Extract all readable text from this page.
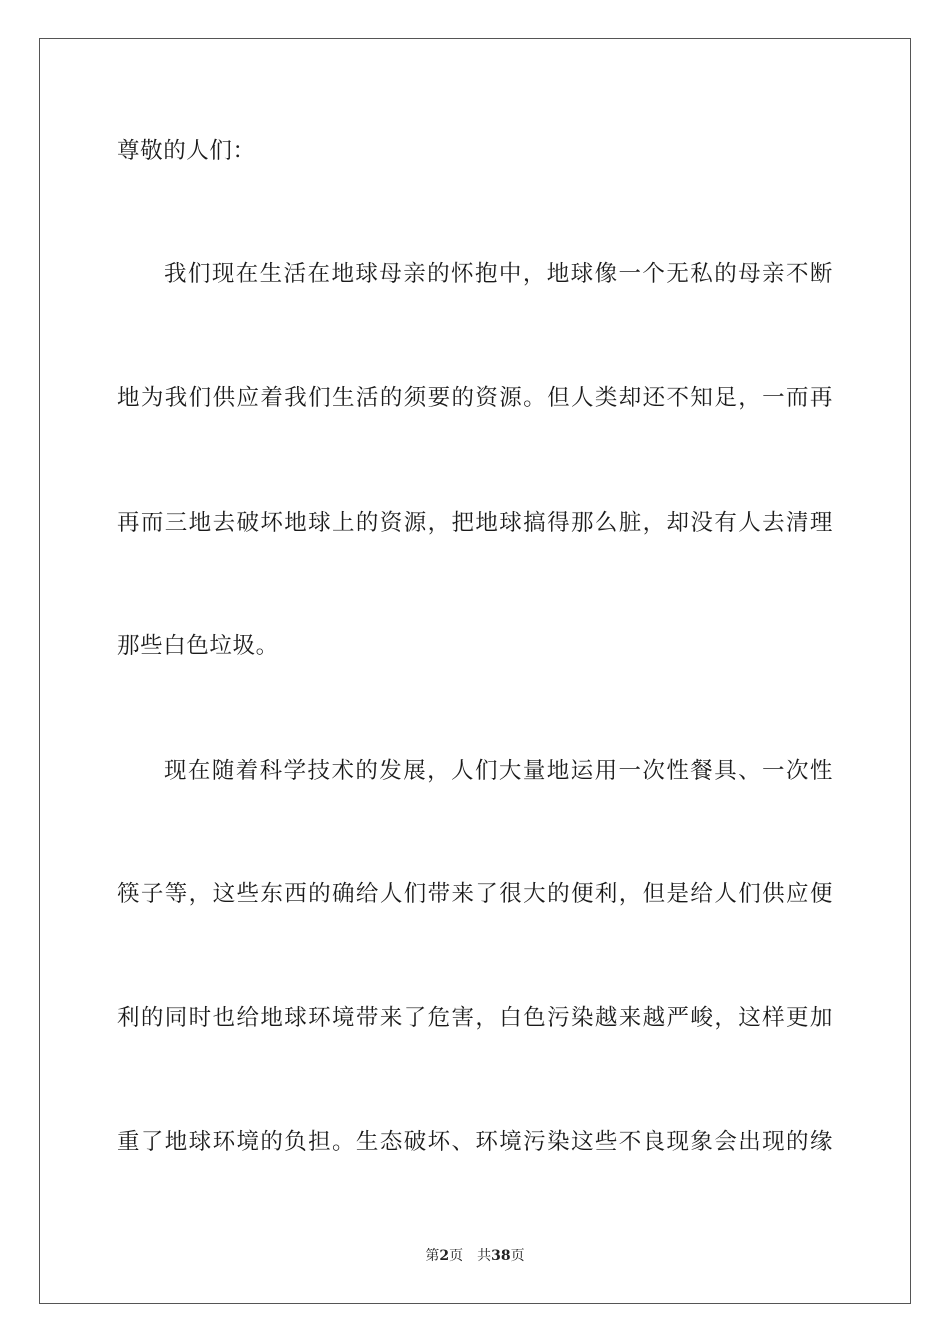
尊敬的人们：
我们现在生活在地球母亲的怀抱中，地球像一个无私的母亲不断
地为我们供应着我们生活的须要的资源。但人类却还不知足，一而再
再而三地去破坏地球上的资源，把地球搞得那么脏，却没有人去清理
那些白色垃圾。
现在随着科学技术的发展，人们大量地运用一次性餐具、一次性
筷子等，这些东西的确给人们带来了很大的便利，但是给人们供应便
利的同时也给地球环境带来了危害，白色污染越来越严峻，这样更加
重了地球环境的负担。生态破坏、环境污染这些不良现象会出现的缘
第2页 共38页
